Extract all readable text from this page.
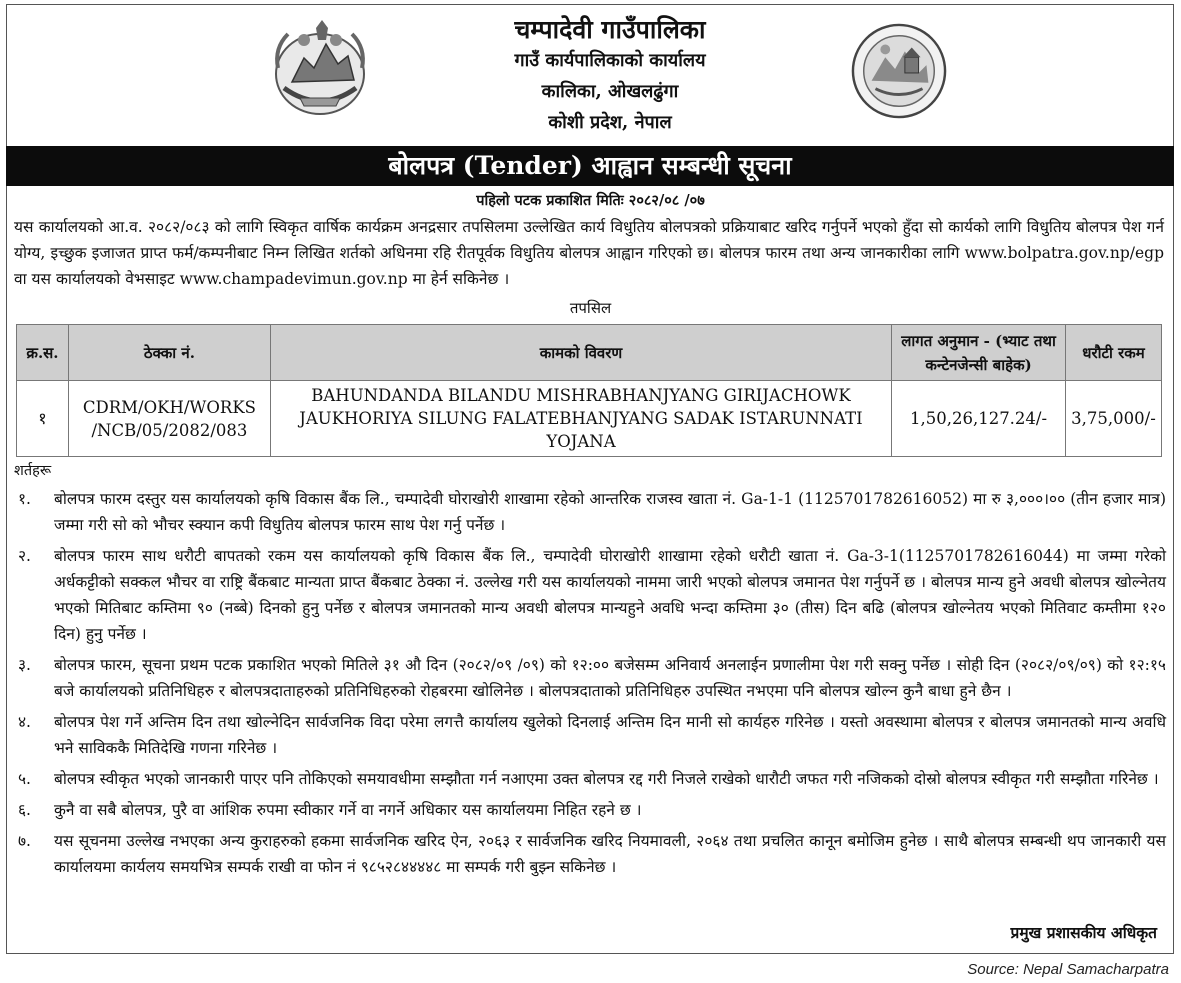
चम्पादेवी गाउँपालिका
गाउँ कार्यपालिकाको कार्यालय
कालिका, ओखलढुंगा
कोशी प्रदेश, नेपाल
बोलपत्र (Tender) आह्वान सम्बन्धी सूचना
पहिलो पटक प्रकाशित मितिः २०८२/०८ /०७

यस कार्यालयको आ.व. २०८२/०८३ को लागि स्विकृत वार्षिक कार्यक्रम अनद्रसार तपसिलमा उल्लेखित कार्य विधुतिय बोलपत्रको प्रक्रियाबाट खरिद गर्नुपर्ने भएको हुँदा सो कार्यको लागि विधुतिय बोलपत्र पेश गर्न योग्य, इच्छुक इजाजत प्राप्त फर्म/कम्पनीबाट निम्न लिखित शर्तको अधिनमा रहि रीतपूर्वक विधुतिय बोलपत्र आह्वान गरिएको छ। बोलपत्र फारम तथा अन्य जानकारीका लागि www.bolpatra.gov.np/egp वा यस कार्यालयको वेभसाइट www.champadevimun.gov.np मा हेर्न सकिनेछ ।

तपसिल
क्र.स.	ठेक्का नं.	कामको विवरण	लागत अनुमान - (भ्याट तथा कन्टेनजेन्सी बाहेक)	धरौटी रकम
१	CDRM/OKH/WORKS /NCB/05/2082/083	BAHUNDANDA BILANDU MISHRABHANJYANG GIRIJACHOWK JAUKHORIYA SILUNG FALATEBHANJYANG SADAK ISTARUNNATI YOJANA	1,50,26,127.24/-	3,75,000/-
शर्तहरू
१. बोलपत्र फारम दस्तुर यस कार्यालयको कृषि विकास बैंक लि., चम्पादेवी घोराखोरी शाखामा रहेको आन्तरिक राजस्व खाता नं. Ga-1-1 (1125701782616052) मा रु ३,०००।०० (तीन हजार मात्र) जम्मा गरी सो को भौचर स्क्यान कपी विधुतिय बोलपत्र फारम साथ पेश गर्नु पर्नेछ ।
२. बोलपत्र फारम साथ धरौटी बापतको रकम यस कार्यालयको कृषि विकास बैंक लि., चम्पादेवी घोराखोरी शाखामा रहेको धरौटी खाता नं. Ga-3-1(1125701782616044) मा जम्मा गरेको अर्धकट्टीको सक्कल भौचर वा राष्ट्रि बैंकबाट मान्यता प्राप्त बैंकबाट ठेक्का नं. उल्लेख गरी यस कार्यालयको नाममा जारी भएको बोलपत्र जमानत पेश गर्नुपर्ने छ । बोलपत्र मान्य हुने अवधी बोलपत्र खोल्नेतय भएको मितिबाट कम्तिमा ९० (नब्बे) दिनको हुनु पर्नेछ र बोलपत्र जमानतको मान्य अवधी बोलपत्र मान्यहुने अवधि भन्दा कम्तिमा ३० (तीस) दिन बढि (बोलपत्र खोल्नेतय भएको मितिवाट कम्तीमा १२० दिन) हुनु पर्नेछ ।
३. बोलपत्र फारम, सूचना प्रथम पटक प्रकाशित भएको मितिले ३१ औ दिन (२०८२/०९ /०९) को १२:०० बजेसम्म अनिवार्य अनलाईन प्रणालीमा पेश गरी सक्नु पर्नेछ । सोही दिन (२०८२/०९/०९) को १२:१५ बजे कार्यालयको प्रतिनिधिहरु र बोलपत्रदाताहरुको प्रतिनिधिहरुको रोहबरमा खोलिनेछ । बोलपत्रदाताको प्रतिनिधिहरु उपस्थित नभएमा पनि बोलपत्र खोल्न कुनै बाधा हुने छैन ।
४. बोलपत्र पेश गर्ने अन्तिम दिन तथा खोल्नेदिन सार्वजनिक विदा परेमा लगत्तै कार्यालय खुलेको दिनलाई अन्तिम दिन मानी सो कार्यहरु गरिनेछ । यस्तो अवस्थामा बोलपत्र र बोलपत्र जमानतको मान्य अवधि भने साविककै मितिदेखि गणना गरिनेछ ।
५. बोलपत्र स्वीकृत भएको जानकारी पाएर पनि तोकिएको समयावधीमा सम्झौता गर्न नआएमा उक्त बोलपत्र रद्द गरी निजले राखेको धारौटी जफत गरी नजिकको दोस्रो बोलपत्र स्वीकृत गरी सम्झौता गरिनेछ ।
६. कुनै वा सबै बोलपत्र, पुरै वा आंशिक रुपमा स्वीकार गर्ने वा नगर्ने अधिकार यस कार्यालयमा निहित रहने छ ।
७. यस सूचनमा उल्लेख नभएका अन्य कुराहरुको हकमा सार्वजनिक खरिद ऐन, २०६३ र सार्वजनिक खरिद नियमावली, २०६४ तथा प्रचलित कानून बमोजिम हुनेछ । साथै बोलपत्र सम्बन्धी थप जानकारी यस कार्यालयमा कार्यलय समयभित्र सम्पर्क राखी वा फोन नं ९८५२८४४४४८ मा सम्पर्क गरी बुझ्न सकिनेछ ।
प्रमुख प्रशासकीय अधिकृत
Source: Nepal Samacharpatra
